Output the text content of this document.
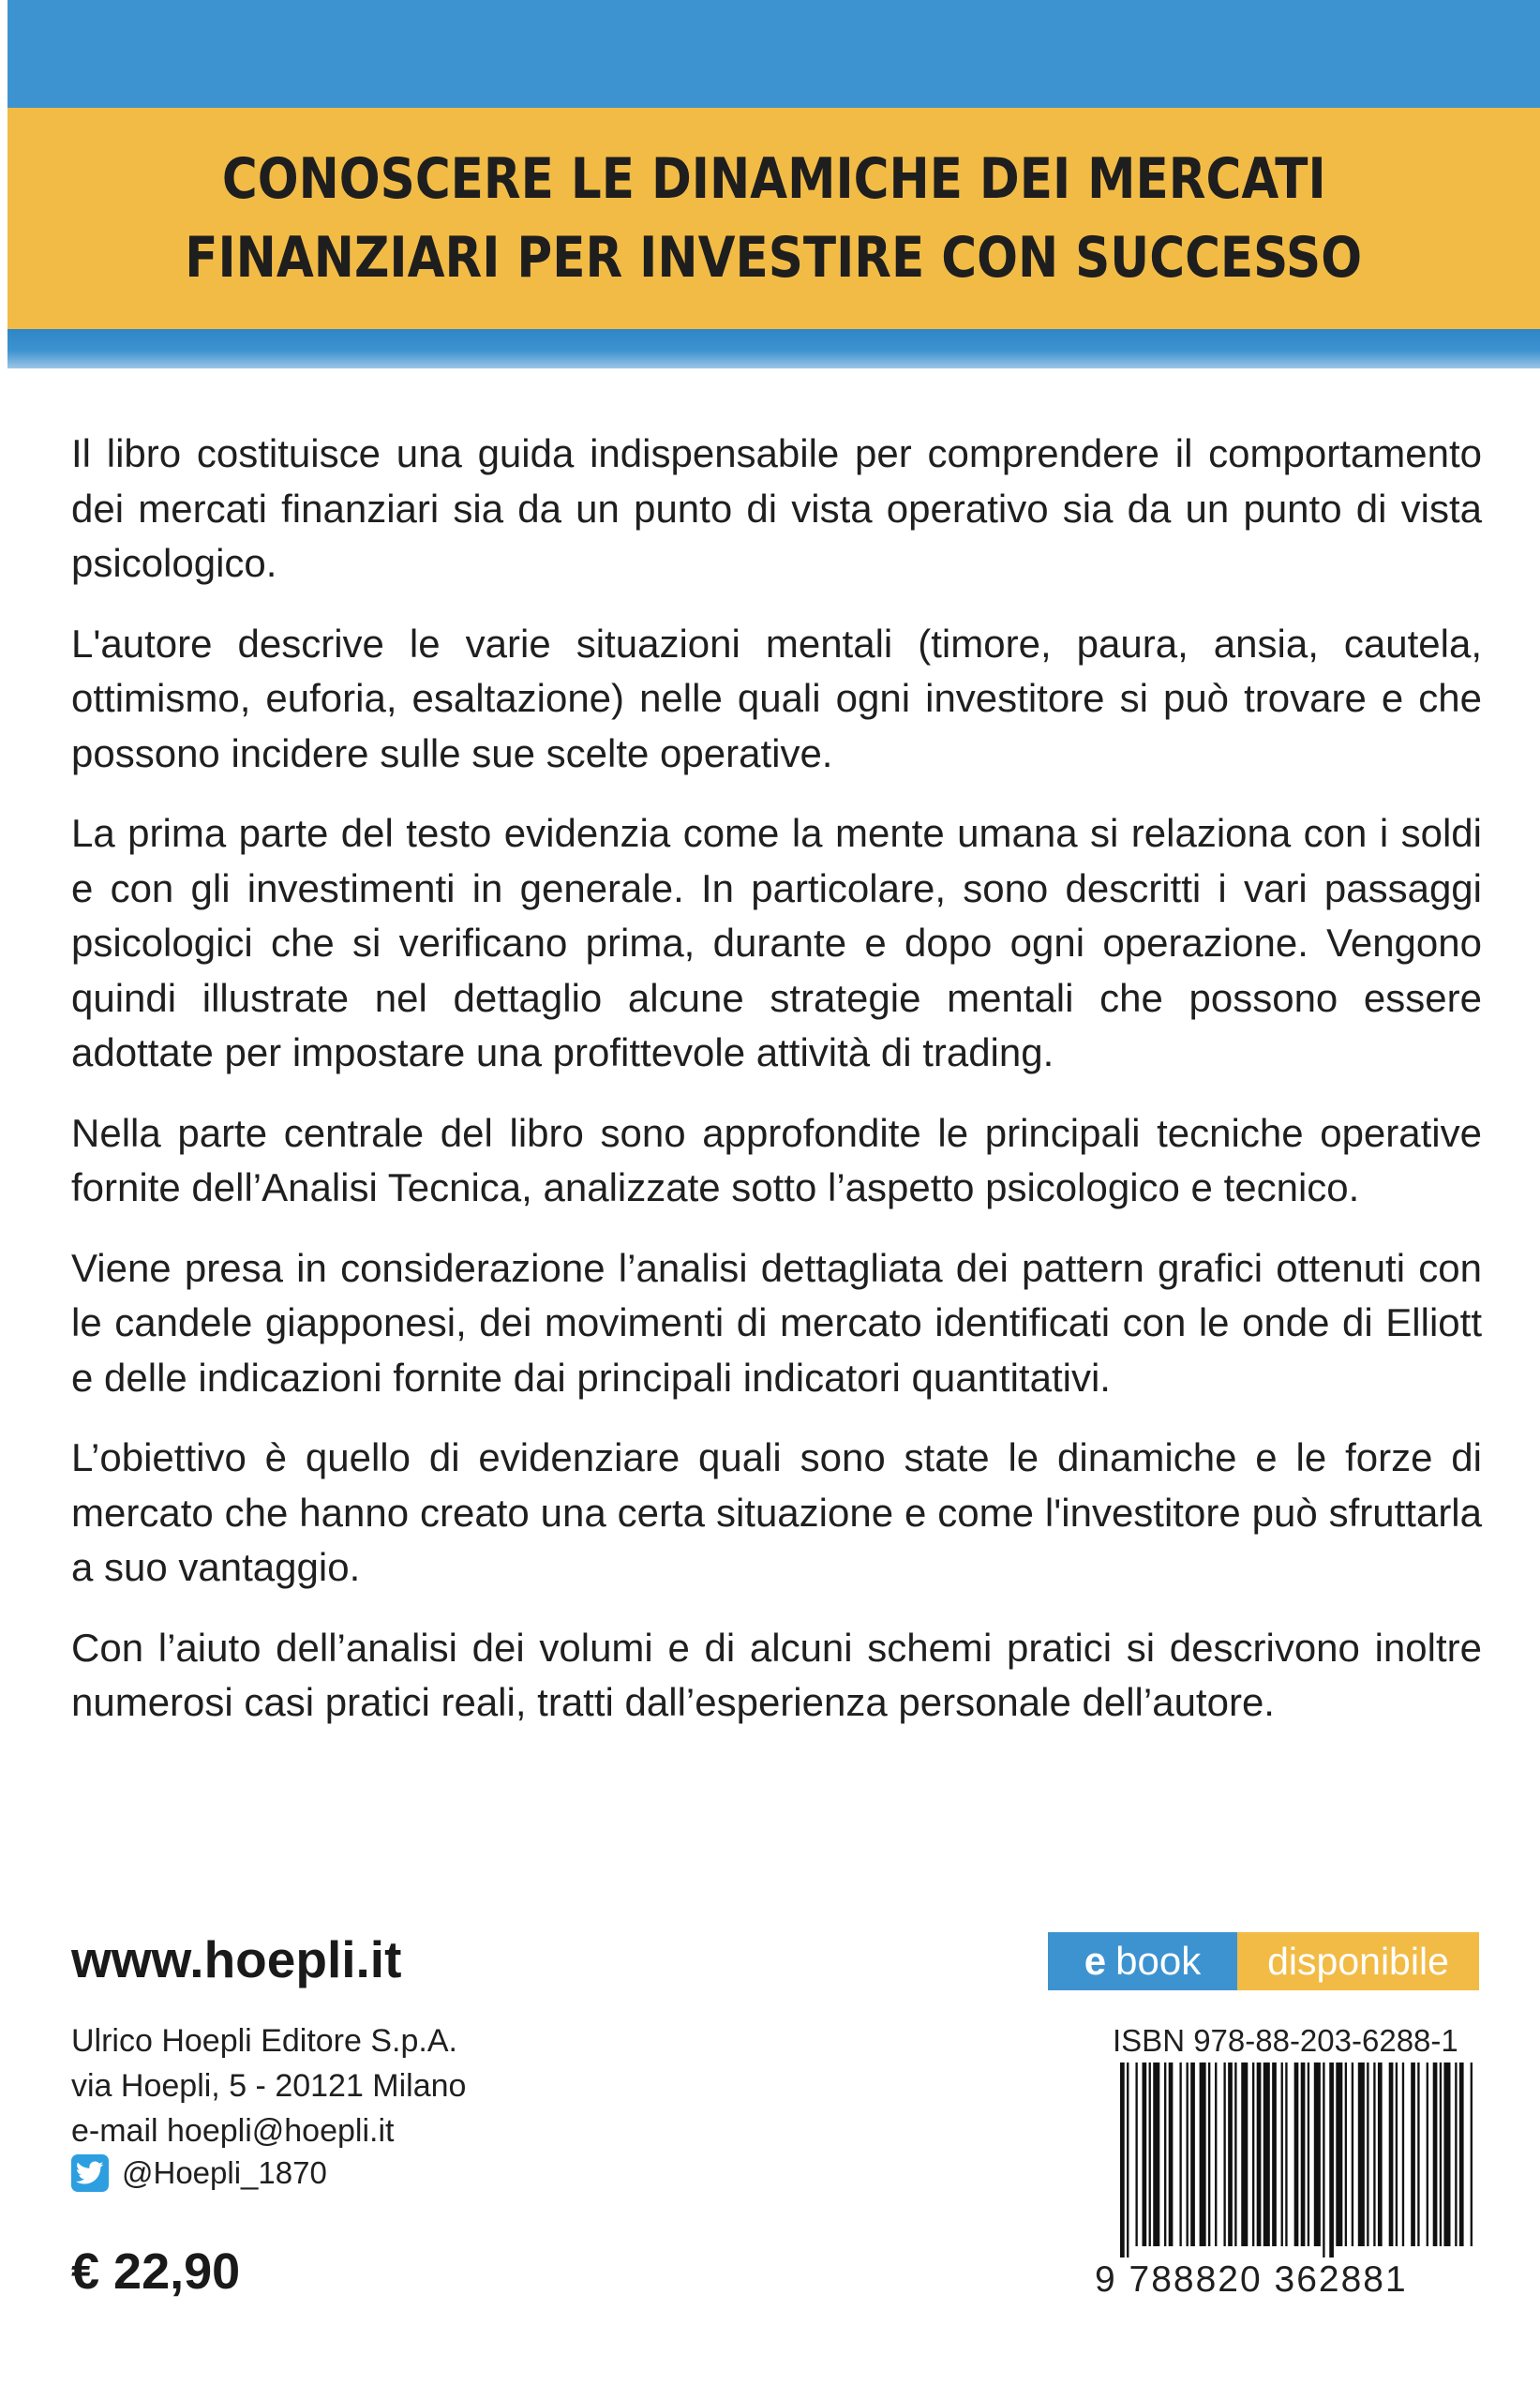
CONOSCERE LE DINAMICHE DEI MERCATI
FINANZIARI PER INVESTIRE CON SUCCESSO

Il libro costituisce una guida indispensabile per comprendere il comportamento dei mercati finanziari sia da un punto di vista operativo sia da un punto di vista psicologico.

L'autore descrive le varie situazioni mentali (timore, paura, ansia, cautela, ottimismo, euforia, esaltazione) nelle quali ogni investitore si può trovare e che possono incidere sulle sue scelte operative.

La prima parte del testo evidenzia come la mente umana si relaziona con i soldi e con gli investimenti in generale. In particolare, sono descritti i vari passaggi psicologici che si verificano prima, durante e dopo ogni operazione. Vengono quindi illustrate nel dettaglio alcune strategie mentali che possono essere adottate per impostare una profittevole attività di trading.

Nella parte centrale del libro sono approfondite le principali tecniche operative fornite dell’Analisi Tecnica, analizzate sotto l’aspetto psicologico e tecnico.

Viene presa in considerazione l’analisi dettagliata dei pattern grafici ottenuti con le candele giapponesi, dei movimenti di mercato identificati con le onde di Elliott e delle indicazioni fornite dai principali indicatori quantitativi.

L’obiettivo è quello di evidenziare quali sono state le dinamiche e le forze di mercato che hanno creato una certa situazione e come l'investitore può sfruttarla a suo vantaggio.

Con l’aiuto dell’analisi dei volumi e di alcuni schemi pratici si descrivono inoltre numerosi casi pratici reali, tratti dall’esperienza personale dell’autore.

www.hoepli.it
Ulrico Hoepli Editore S.p.A.
via Hoepli, 5 - 20121 Milano
e-mail hoepli@hoepli.it
@Hoepli_1870
€ 22,90
e book	disponibile
ISBN 978-88-203-6288-1
9 788820 362881
